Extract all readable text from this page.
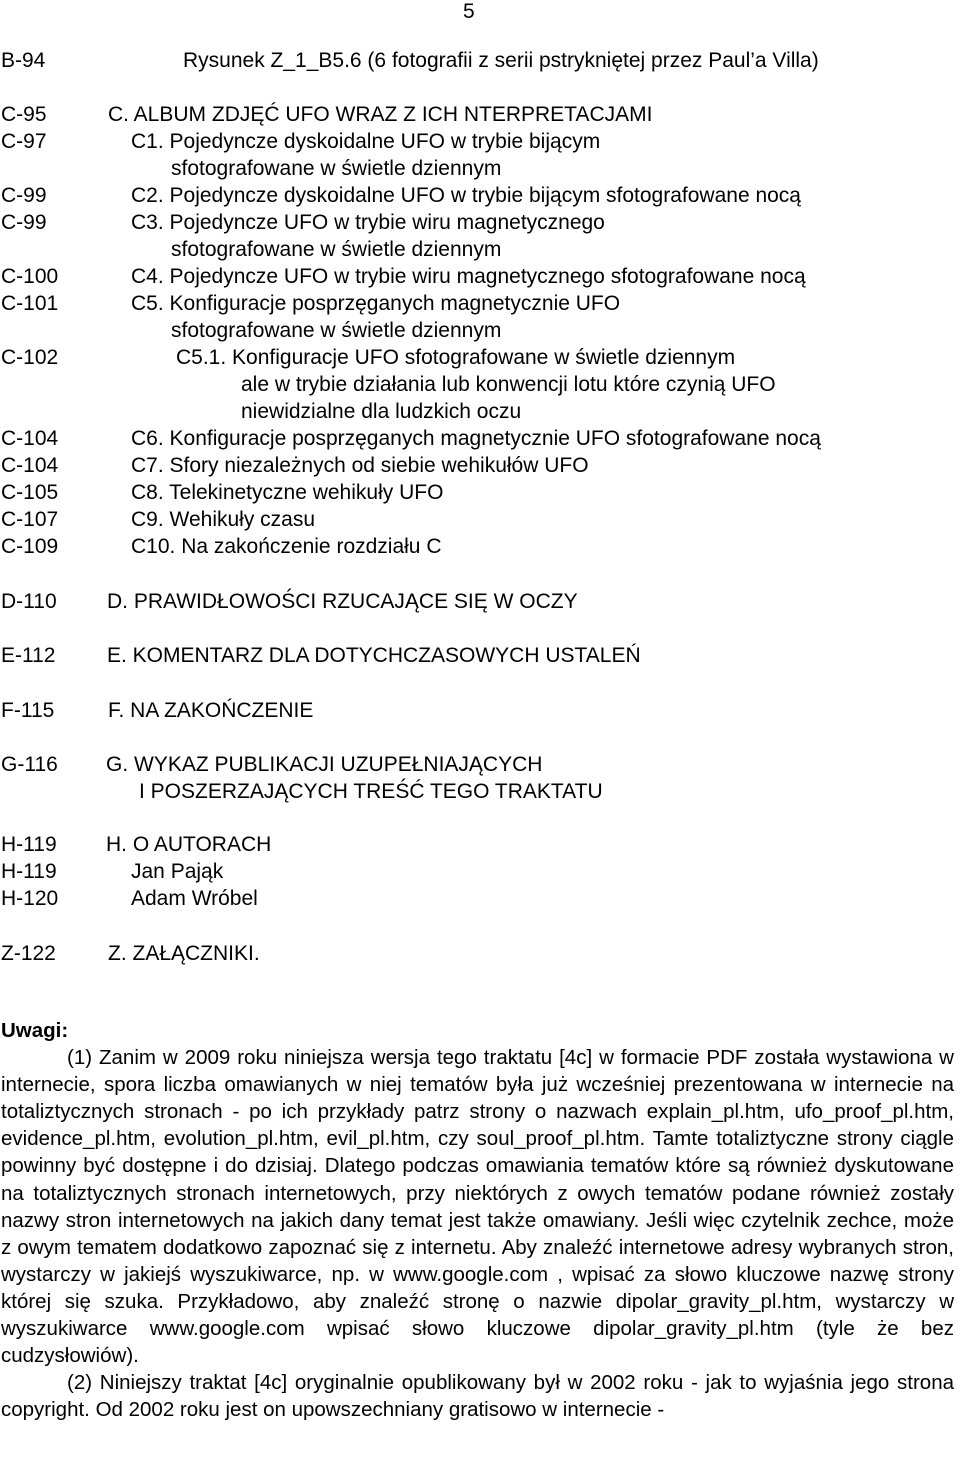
5
B-94	Rysunek Z_1_B5.6 (6 fotografii z serii pstrykniętej przez Paul’a Villa)
C-95	C. ALBUM ZDJĘĆ UFO WRAZ Z ICH NTERPRETACJAMI
C-97	C1. Pojedyncze dyskoidalne UFO w trybie bijącym
sfotografowane w świetle dziennym
C-99	C2. Pojedyncze dyskoidalne UFO w trybie bijącym sfotografowane nocą
C-99	C3. Pojedyncze UFO w trybie wiru magnetycznego
sfotografowane w świetle dziennym
C-100	C4. Pojedyncze UFO w trybie wiru magnetycznego sfotografowane nocą
C-101	C5. Konfiguracje posprzęganych magnetycznie UFO
sfotografowane w świetle dziennym
C-102	C5.1. Konfiguracje UFO sfotografowane w świetle dziennym
ale w trybie działania lub konwencji lotu które czynią UFO
niewidzialne dla ludzkich oczu
C-104	C6. Konfiguracje posprzęganych magnetycznie UFO sfotografowane nocą
C-104	C7. Sfory niezależnych od siebie wehikułów UFO
C-105	C8. Telekinetyczne wehikuły UFO
C-107	C9. Wehikuły czasu
C-109	C10. Na zakończenie rozdziału C
D-110 D. PRAWIDŁOWOŚCI RZUCAJĄCE SIĘ W OCZY
E-112 E. KOMENTARZ DLA DOTYCHCZASOWYCH USTALEŃ
F-115	F. NA ZAKOŃCZENIE
G-116 G. WYKAZ PUBLIKACJI UZUPEŁNIAJĄCYCH
I POSZERZAJĄCYCH TREŚĆ TEGO TRAKTATU
H-119 H. O AUTORACH
H-119	Jan Pająk
H-120	Adam Wróbel
Z-122 Z. ZAŁĄCZNIKI.
Uwagi:

(1) Zanim w 2009 roku niniejsza wersja tego traktatu [4c] w formacie PDF została wystawiona w internecie, spora liczba omawianych w niej tematów była już wcześniej prezentowana w internecie na totaliztycznych stronach - po ich przykłady patrz strony o nazwach explain_pl.htm, ufo_proof_pl.htm, evidence_pl.htm, evolution_pl.htm, evil_pl.htm, czy soul_proof_pl.htm. Tamte totaliztyczne strony ciągle powinny być dostępne i do dzisiaj. Dlatego podczas omawiania tematów które są również dyskutowane na totaliztycznych stronach internetowych, przy niektórych z owych tematów podane również zostały nazwy stron internetowych na jakich dany temat jest także omawiany. Jeśli więc czytelnik zechce, może z owym tematem dodatkowo zapoznać się z internetu. Aby znaleźć internetowe adresy wybranych stron, wystarczy w jakiejś wyszukiwarce, np. w www.google.com , wpisać za słowo kluczowe nazwę strony której się szuka. Przykładowo, aby znaleźć stronę o nazwie dipolar_gravity_pl.htm, wystarczy w wyszukiwarce www.google.com wpisać słowo kluczowe dipolar_gravity_pl.htm (tyle że bez cudzysłowiów).

(2) Niniejszy traktat [4c] oryginalnie opublikowany był w 2002 roku - jak to wyjaśnia jego strona copyright. Od 2002 roku jest on upowszechniany gratisowo w internecie -
